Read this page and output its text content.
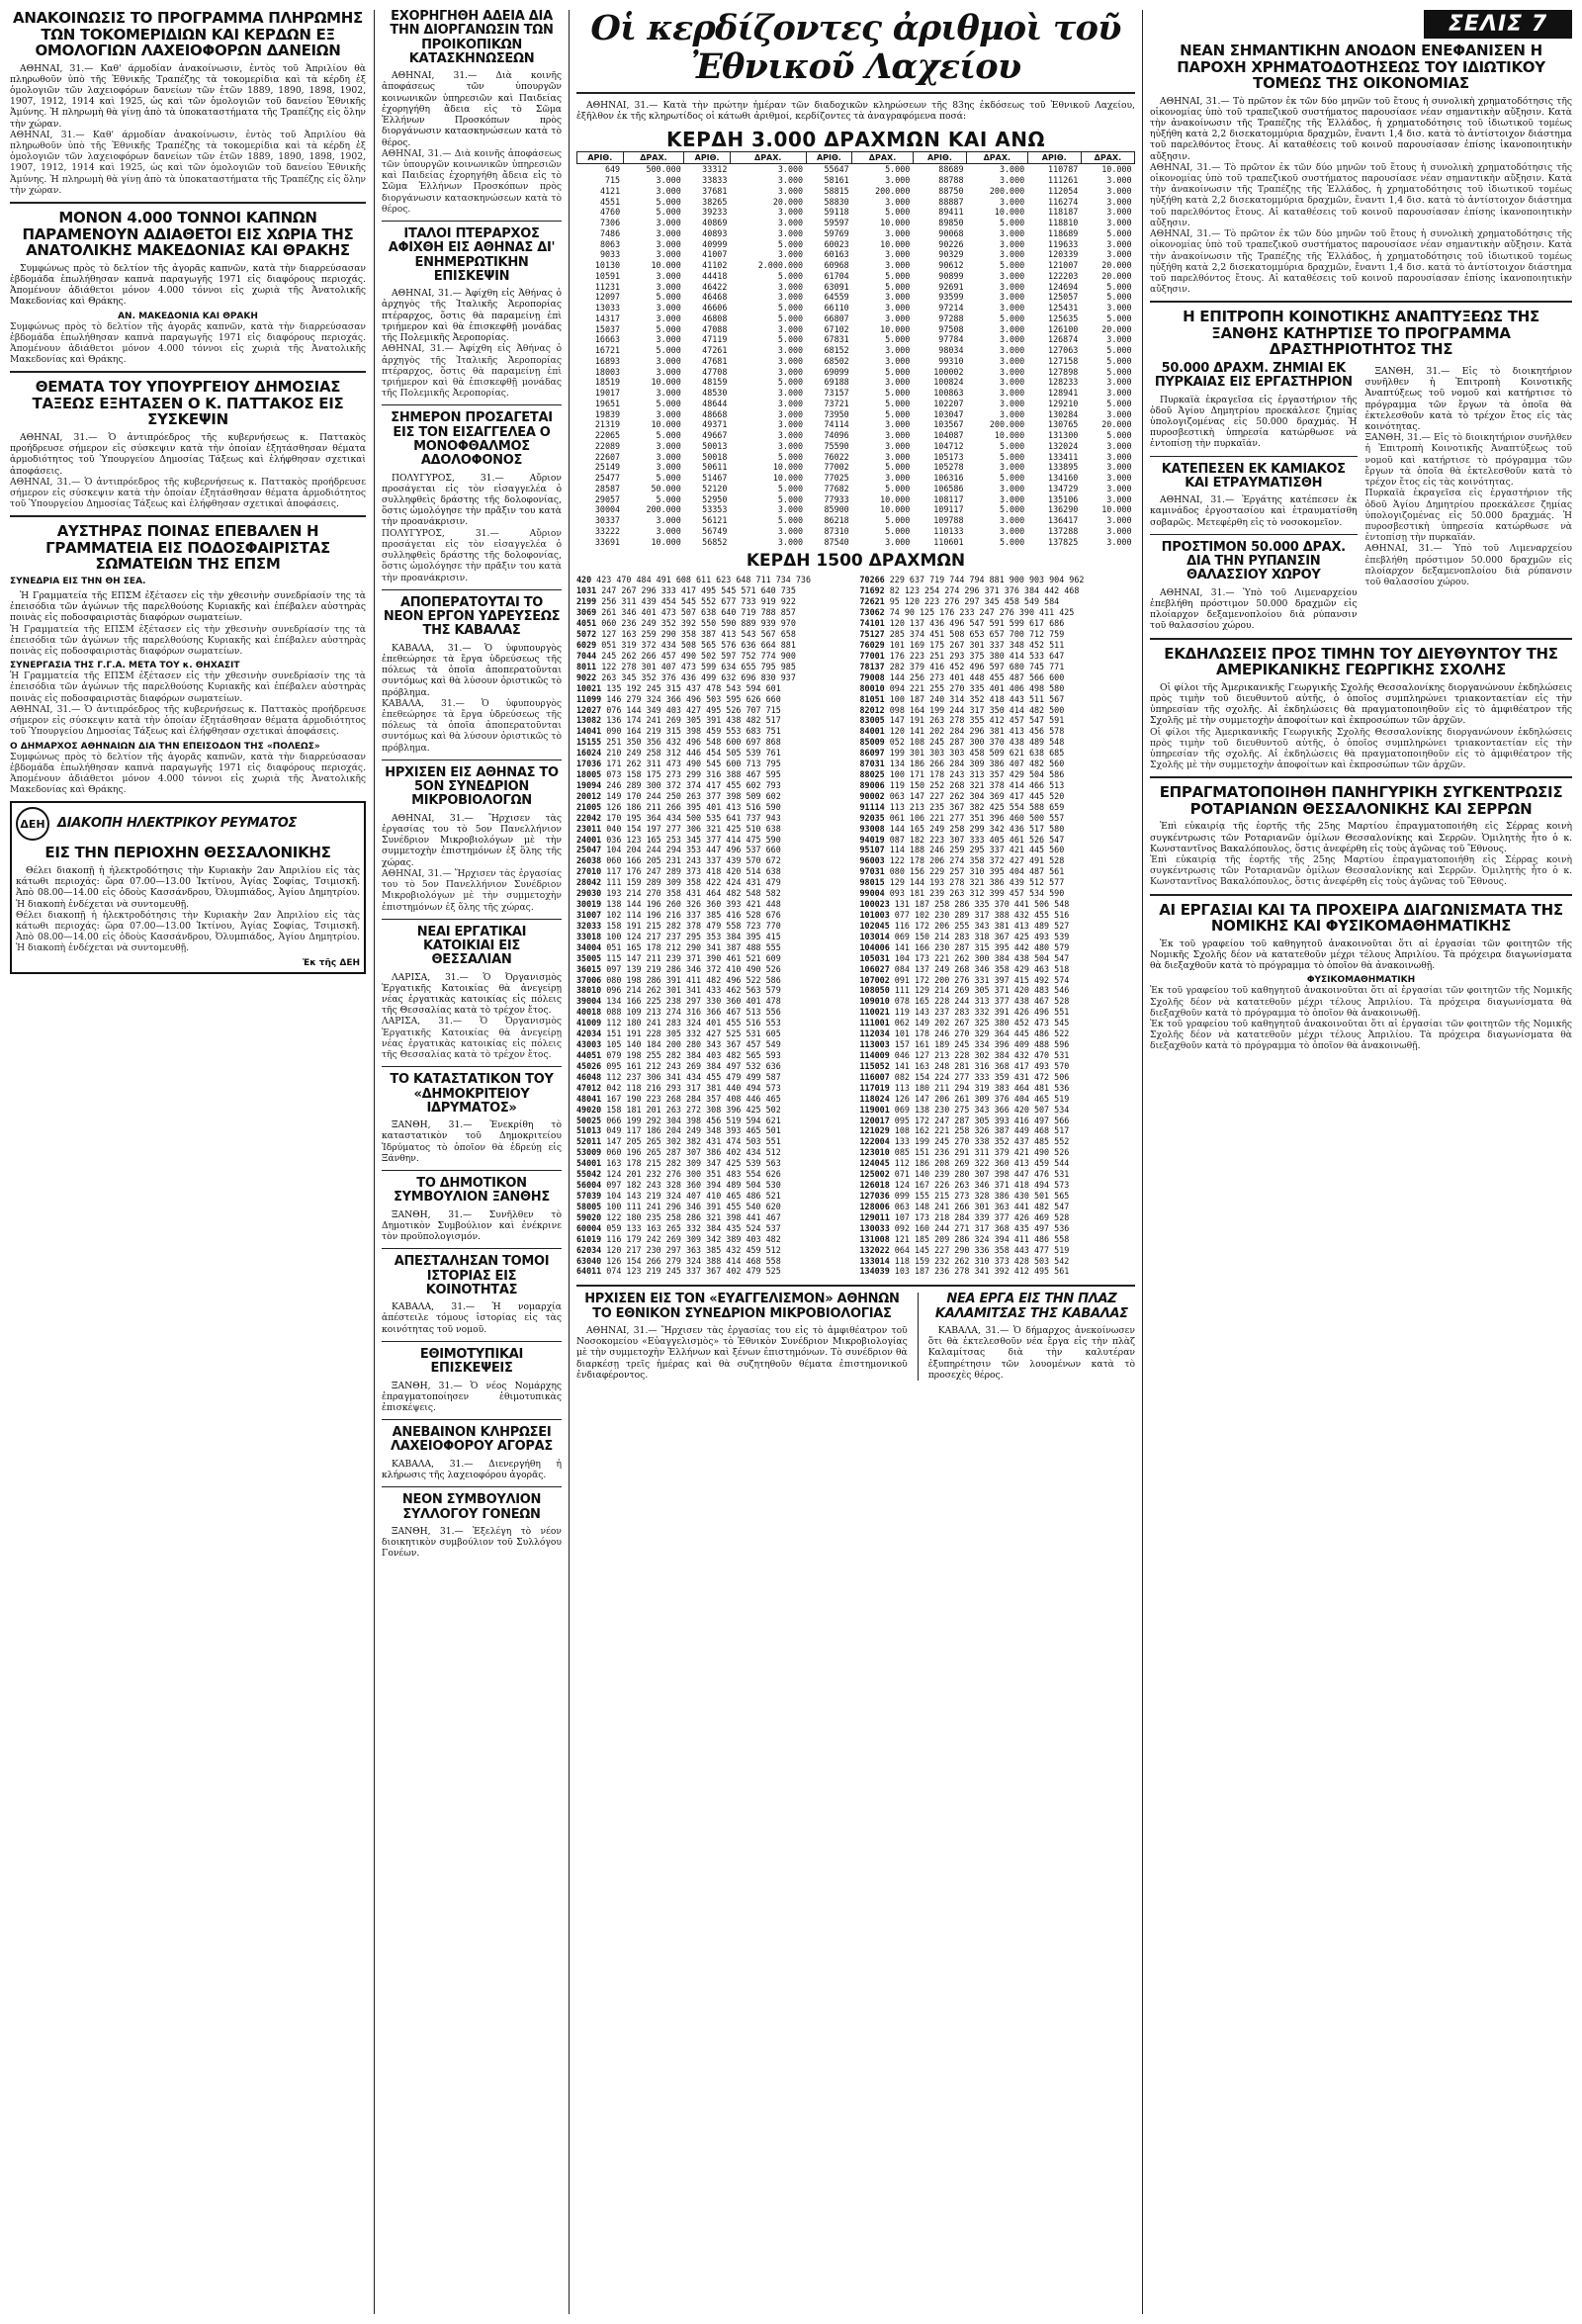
ΑΝΑΚΟΙΝΩΣΙΣ ΤΟ ΠΡΟΓΡΑΜΜΑ ΠΛΗΡΩΜΗΣ ΤΩΝ ΤΟΚΟΜΕΡΙΔΙΩΝ ΚΑΙ ΚΕΡΔΩΝ ΕΞ ΟΜΟΛΟΓΙΩΝ ΛΑΧΕΙΟΦΟΡΩΝ ΔΑΝΕΙΩΝ

ΑΘΗΝΑΙ, 31.— Καθ' άρμοδίαν ἀνακοίνωσιν, ἐντὸς τοῦ Ἀπριλίου θὰ πληρωθοῦν ὑπὸ τῆς Ἐθνικῆς Τραπέζης τὰ τοκομερίδια καὶ τὰ κέρδη ἐξ ὁμολογιῶν τῶν λαχειοφόρων δανείων τῶν ἐτῶν 1889, 1890, 1898, 1902, 1907, 1912, 1914 καὶ 1925, ὡς καὶ τῶν ὁμολογιῶν τοῦ δανείου Ἐθνικῆς Ἀμύνης. Ἡ πληρωμὴ θὰ γίνῃ ἀπὸ τὰ ὑποκαταστήματα τῆς Τραπέζης εἰς ὅλην τὴν χώραν.

ΑΘΗΝΑΙ, 31.— Καθ' άρμοδίαν ἀνακοίνωσιν, ἐντὸς τοῦ Ἀπριλίου θὰ πληρωθοῦν ὑπὸ τῆς Ἐθνικῆς Τραπέζης τὰ τοκομερίδια καὶ τὰ κέρδη ἐξ ὁμολογιῶν τῶν λαχειοφόρων δανείων τῶν ἐτῶν 1889, 1890, 1898, 1902, 1907, 1912, 1914 καὶ 1925, ὡς καὶ τῶν ὁμολογιῶν τοῦ δανείου Ἐθνικῆς Ἀμύνης. Ἡ πληρωμὴ θὰ γίνῃ ἀπὸ τὰ ὑποκαταστήματα τῆς Τραπέζης εἰς ὅλην τὴν χώραν.
ΜΟΝΟΝ 4.000 ΤΟΝΝΟΙ ΚΑΠΝΩΝ ΠΑΡΑΜΕΝΟΥΝ ΑΔΙΑΘΕΤΟΙ ΕΙΣ ΧΩΡΙΑ ΤΗΣ ΑΝΑΤΟΛΙΚΗΣ ΜΑΚΕΔΟΝΙΑΣ ΚΑΙ ΘΡΑΚΗΣ

Συμφώνως πρὸς τὸ δελτίον τῆς ἀγορᾶς καπνῶν, κατὰ τὴν διαρρεύσασαν ἑβδομάδα ἐπωλήθησαν καπνὰ παραγωγῆς 1971 εἰς διαφόρους περιοχάς. Ἀπομένουν ἀδιάθετοι μόνον 4.000 τόννοι εἰς χωριὰ τῆς Ἀνατολικῆς Μακεδονίας καὶ Θράκης.

ΑΝ. ΜΑΚΕΔΟΝΙΑ ΚΑΙ ΘΡΑΚΗ
Συμφώνως πρὸς τὸ δελτίον τῆς ἀγορᾶς καπνῶν, κατὰ τὴν διαρρεύσασαν ἑβδομάδα ἐπωλήθησαν καπνὰ παραγωγῆς 1971 εἰς διαφόρους περιοχάς. Ἀπομένουν ἀδιάθετοι μόνον 4.000 τόννοι εἰς χωριὰ τῆς Ἀνατολικῆς Μακεδονίας καὶ Θράκης.
ΘΕΜΑΤΑ ΤΟΥ ΥΠΟΥΡΓΕΙΟΥ ΔΗΜΟΣΙΑΣ ΤΑΞΕΩΣ ΕΞΗΤΑΣΕΝ Ο Κ. ΠΑΤΤΑΚΟΣ ΕΙΣ ΣΥΣΚΕΨΙΝ

ΑΘΗΝΑΙ, 31.— Ὁ ἀντιπρόεδρος τῆς κυβερνήσεως κ. Παττακὸς προήδρευσε σήμερον εἰς σύσκεψιν κατὰ τὴν ὁποίαν ἐξητάσθησαν θέματα ἁρμοδιότητος τοῦ Ὑπουργείου Δημοσίας Τάξεως καὶ ἐλήφθησαν σχετικαὶ ἀποφάσεις.

ΑΘΗΝΑΙ, 31.— Ὁ ἀντιπρόεδρος τῆς κυβερνήσεως κ. Παττακὸς προήδρευσε σήμερον εἰς σύσκεψιν κατὰ τὴν ὁποίαν ἐξητάσθησαν θέματα ἁρμοδιότητος τοῦ Ὑπουργείου Δημοσίας Τάξεως καὶ ἐλήφθησαν σχετικαὶ ἀποφάσεις.
ΑΥΣΤΗΡΑΣ ΠΟΙΝΑΣ ΕΠΕΒΑΛΕΝ Η ΓΡΑΜΜΑΤΕΙΑ ΕΙΣ ΠΟΔΟΣΦΑΙΡΙΣΤΑΣ ΣΩΜΑΤΕΙΩΝ ΤΗΣ ΕΠΣΜ
ΣΥΝΕΔΡΙΑ ΕΙΣ ΤΗΝ ΘΗ ΣΕΑ.

Ἡ Γραμματεία τῆς ΕΠΣΜ ἐξέτασεν εἰς τὴν χθεσινὴν συνεδρίασίν της τὰ ἐπεισόδια τῶν ἀγώνων τῆς παρελθούσης Κυριακῆς καὶ ἐπέβαλεν αὐστηρὰς ποινὰς εἰς ποδοσφαιριστὰς διαφόρων σωματείων.

Ἡ Γραμματεία τῆς ΕΠΣΜ ἐξέτασεν εἰς τὴν χθεσινὴν συνεδρίασίν της τὰ ἐπεισόδια τῶν ἀγώνων τῆς παρελθούσης Κυριακῆς καὶ ἐπέβαλεν αὐστηρὰς ποινὰς εἰς ποδοσφαιριστὰς διαφόρων σωματείων.
ΣΥΝΕΡΓΑΣΙΑ ΤΗΣ Γ.Γ.Α. ΜΕΤΑ ΤΟΥ κ. ΘΗΧΑΣΙΤ
Ἡ Γραμματεία τῆς ΕΠΣΜ ἐξέτασεν εἰς τὴν χθεσινὴν συνεδρίασίν της τὰ ἐπεισόδια τῶν ἀγώνων τῆς παρελθούσης Κυριακῆς καὶ ἐπέβαλεν αὐστηρὰς ποινὰς εἰς ποδοσφαιριστὰς διαφόρων σωματείων.
ΑΘΗΝΑΙ, 31.— Ὁ ἀντιπρόεδρος τῆς κυβερνήσεως κ. Παττακὸς προήδρευσε σήμερον εἰς σύσκεψιν κατὰ τὴν ὁποίαν ἐξητάσθησαν θέματα ἁρμοδιότητος τοῦ Ὑπουργείου Δημοσίας Τάξεως καὶ ἐλήφθησαν σχετικαὶ ἀποφάσεις.
Ο ΔΗΜΑΡΧΟΣ ΑΘΗΝΑΙΩΝ ΔΙΑ ΤΗΝ ΕΠΕΙΣΟΔΟΝ ΤΗΣ «ΠΟΛΕΩΣ»
Συμφώνως πρὸς τὸ δελτίον τῆς ἀγορᾶς καπνῶν, κατὰ τὴν διαρρεύσασαν ἑβδομάδα ἐπωλήθησαν καπνὰ παραγωγῆς 1971 εἰς διαφόρους περιοχάς. Ἀπομένουν ἀδιάθετοι μόνον 4.000 τόννοι εἰς χωριὰ τῆς Ἀνατολικῆς Μακεδονίας καὶ Θράκης.
ΔΕΗ ΔΙΑΚΟΠΗ ΗΛΕΚΤΡΙΚΟΥ ΡΕΥΜΑΤΟΣ
ΕΙΣ ΤΗΝ ΠΕΡΙΟΧΗΝ ΘΕΣΣΑΛΟΝΙΚΗΣ

Θέλει διακοπῇ ἡ ἠλεκτροδότησις τὴν Κυριακὴν 2αν Ἀπριλίου εἰς τὰς κάτωθι περιοχάς: ὥρα 07.00—13.00 Ἰκτίνου, Ἀγίας Σοφίας, Τσιμισκῆ. Ἀπὸ 08.00—14.00 εἰς ὁδοὺς Κασσάνδρου, Ὀλυμπιάδος, Ἀγίου Δημητρίου. Ἡ διακοπὴ ἐνδέχεται νὰ συντομευθῇ.

Θέλει διακοπῇ ἡ ἠλεκτροδότησις τὴν Κυριακὴν 2αν Ἀπριλίου εἰς τὰς κάτωθι περιοχάς: ὥρα 07.00—13.00 Ἰκτίνου, Ἀγίας Σοφίας, Τσιμισκῆ. Ἀπὸ 08.00—14.00 εἰς ὁδοὺς Κασσάνδρου, Ὀλυμπιάδος, Ἀγίου Δημητρίου. Ἡ διακοπὴ ἐνδέχεται νὰ συντομευθῇ.
Ἐκ τῆς ΔΕΗ
ΕΧΟΡΗΓΗΘΗ ΑΔΕΙΑ ΔΙΑ ΤΗΝ ΔΙΟΡΓΑΝΩΣΙΝ ΤΩΝ ΠΡΟΙΚΟΠΙΚΩΝ ΚΑΤΑΣΚΗΝΩΣΕΩΝ

ΑΘΗΝΑΙ, 31.— Διὰ κοινῆς ἀποφάσεως τῶν ὑπουργῶν κοινωνικῶν ὑπηρεσιῶν καὶ Παιδείας ἐχορηγήθη ἄδεια εἰς τὸ Σῶμα Ἑλλήνων Προσκόπων πρὸς διοργάνωσιν κατασκηνώσεων κατὰ τὸ θέρος.

ΑΘΗΝΑΙ, 31.— Διὰ κοινῆς ἀποφάσεως τῶν ὑπουργῶν κοινωνικῶν ὑπηρεσιῶν καὶ Παιδείας ἐχορηγήθη ἄδεια εἰς τὸ Σῶμα Ἑλλήνων Προσκόπων πρὸς διοργάνωσιν κατασκηνώσεων κατὰ τὸ θέρος.
ΙΤΑΛΟΙ ΠΤΕΡΑΡΧΟΣ ΑΦΙΧΘΗ ΕΙΣ ΑΘΗΝΑΣ ΔΙ' ΕΝΗΜΕΡΩΤΙΚΗΝ ΕΠΙΣΚΕΨΙΝ

ΑΘΗΝΑΙ, 31.— Ἀφίχθη εἰς Ἀθήνας ὁ ἀρχηγὸς τῆς Ἰταλικῆς Ἀεροπορίας πτέραρχος, ὅστις θὰ παραμείνῃ ἐπὶ τριήμερον καὶ θὰ ἐπισκεφθῇ μονάδας τῆς Πολεμικῆς Ἀεροπορίας.

ΑΘΗΝΑΙ, 31.— Ἀφίχθη εἰς Ἀθήνας ὁ ἀρχηγὸς τῆς Ἰταλικῆς Ἀεροπορίας πτέραρχος, ὅστις θὰ παραμείνῃ ἐπὶ τριήμερον καὶ θὰ ἐπισκεφθῇ μονάδας τῆς Πολεμικῆς Ἀεροπορίας.
ΣΗΜΕΡΟΝ ΠΡΟΣΑΓΕΤΑΙ ΕΙΣ ΤΟΝ ΕΙΣΑΓΓΕΛΕΑ Ο ΜΟΝΟΦΘΑΛΜΟΣ ΑΔΟΛΟΦΟΝΟΣ

ΠΟΛΥΓΥΡΟΣ, 31.— Αὔριον προσάγεται εἰς τὸν εἰσαγγελέα ὁ συλληφθεὶς δράστης τῆς δολοφονίας, ὅστις ὡμολόγησε τὴν πρᾶξιν του κατὰ τὴν προανάκρισιν.

ΠΟΛΥΓΥΡΟΣ, 31.— Αὔριον προσάγεται εἰς τὸν εἰσαγγελέα ὁ συλληφθεὶς δράστης τῆς δολοφονίας, ὅστις ὡμολόγησε τὴν πρᾶξιν του κατὰ τὴν προανάκρισιν.
ΑΠΟΠΕΡΑΤΟΥΤΑΙ ΤΟ ΝΕΟΝ ΕΡΓΟΝ ΥΔΡΕΥΣΕΩΣ ΤΗΣ ΚΑΒΑΛΑΣ

ΚΑΒΑΛΑ, 31.— Ὁ ὑφυπουργὸς ἐπεθεώρησε τὰ ἔργα ὑδρεύσεως τῆς πόλεως τὰ ὁποῖα ἀποπερατοῦνται συντόμως καὶ θὰ λύσουν ὁριστικῶς τὸ πρόβλημα.

ΚΑΒΑΛΑ, 31.— Ὁ ὑφυπουργὸς ἐπεθεώρησε τὰ ἔργα ὑδρεύσεως τῆς πόλεως τὰ ὁποῖα ἀποπερατοῦνται συντόμως καὶ θὰ λύσουν ὁριστικῶς τὸ πρόβλημα.
ΗΡΧΙΣΕΝ ΕΙΣ ΑΘΗΝΑΣ ΤΟ 5ΟΝ ΣΥΝΕΔΡΙΟΝ ΜΙΚΡΟΒΙΟΛΟΓΩΝ

ΑΘΗΝΑΙ, 31.— Ἤρχισεν τὰς ἐργασίας του τὸ 5ον Πανελλήνιον Συνέδριον Μικροβιολόγων μὲ τὴν συμμετοχὴν ἐπιστημόνων ἐξ ὅλης τῆς χώρας.

ΑΘΗΝΑΙ, 31.— Ἤρχισεν τὰς ἐργασίας του τὸ 5ον Πανελλήνιον Συνέδριον Μικροβιολόγων μὲ τὴν συμμετοχὴν ἐπιστημόνων ἐξ ὅλης τῆς χώρας.
ΝΕΑΙ ΕΡΓΑΤΙΚΑΙ ΚΑΤΟΙΚΙΑΙ ΕΙΣ ΘΕΣΣΑΛΙΑΝ

ΛΑΡΙΣΑ, 31.— Ὁ Ὀργανισμὸς Ἐργατικῆς Κατοικίας θὰ ἀνεγείρῃ νέας ἐργατικὰς κατοικίας εἰς πόλεις τῆς Θεσσαλίας κατὰ τὸ τρέχον ἔτος.

ΛΑΡΙΣΑ, 31.— Ὁ Ὀργανισμὸς Ἐργατικῆς Κατοικίας θὰ ἀνεγείρῃ νέας ἐργατικὰς κατοικίας εἰς πόλεις τῆς Θεσσαλίας κατὰ τὸ τρέχον ἔτος.
ΤΟ ΚΑΤΑΣΤΑΤΙΚΟΝ ΤΟΥ «ΔΗΜΟΚΡΙΤΕΙΟΥ ΙΔΡΥΜΑΤΟΣ»

ΞΑΝΘΗ, 31.— Ἐνεκρίθη τὸ καταστατικὸν τοῦ Δημοκριτείου Ἱδρύματος τὸ ὁποῖον θὰ ἐδρεύῃ εἰς Ξάνθην.

ΤΟ ΔΗΜΟΤΙΚΟΝ ΣΥΜΒΟΥΛΙΟΝ ΞΑΝΘΗΣ

ΞΑΝΘΗ, 31.— Συνῆλθεν τὸ Δημοτικὸν Συμβούλιον καὶ ἐνέκρινε τὸν προϋπολογισμόν.

ΑΠΕΣΤΑΛΗΣΑΝ ΤΟΜΟΙ ΙΣΤΟΡΙΑΣ ΕΙΣ ΚΟΙΝΟΤΗΤΑΣ

ΚΑΒΑΛΑ, 31.— Ἡ νομαρχία ἀπέστειλε τόμους ἱστορίας εἰς τὰς κοινότητας τοῦ νομοῦ.

ΕΘΙΜΟΤΥΠΙΚΑΙ ΕΠΙΣΚΕΨΕΙΣ

ΞΑΝΘΗ, 31.— Ὁ νέος Νομάρχης ἐπραγματοποίησεν ἐθιμοτυπικὰς ἐπισκέψεις.

ΑΝΕΒΑΙΝΟΝ ΚΛΗΡΩΣΕΙ ΛΑΧΕΙΟΦΟΡΟΥ ΑΓΟΡΑΣ

ΚΑΒΑΛΑ, 31.— Διενεργήθη ἡ κλήρωσις τῆς λαχειοφόρου ἀγορᾶς.

ΝΕΟΝ ΣΥΜΒΟΥΛΙΟΝ ΣΥΛΛΟΓΟΥ ΓΟΝΕΩΝ

ΞΑΝΘΗ, 31.— Ἐξελέγη τὸ νέον διοικητικὸν συμβούλιον τοῦ Συλλόγου Γονέων.

Οἱ κερδίζοντες ἀριθμοὶ τοῦ Ἐθνικοῦ Λαχείου

ΑΘΗΝΑΙ, 31.— Κατὰ τὴν πρώτην ἡμέραν τῶν διαδοχικῶν κληρώσεων τῆς 83ης ἐκδόσεως τοῦ Ἐθνικοῦ Λαχείου, ἐξῆλθον ἐκ τῆς κληρωτίδος οἱ κάτωθι ἀριθμοί, κερδίζοντες τὰ ἀναγραφόμενα ποσά:

ΚΕΡΔΗ 3.000 ΔΡΑΧΜΩΝ ΚΑΙ ΑΝΩ
ΑΡΙΘ.	ΔΡΑΧ.	ΑΡΙΘ.	ΔΡΑΧ.	ΑΡΙΘ.	ΔΡΑΧ.	ΑΡΙΘ.	ΔΡΑΧ.	ΑΡΙΘ.	ΔΡΑΧ.
649	500.000	33312	3.000	55647	5.000	88689	3.000	110787	10.000
715	3.000	33833	3.000	58161	3.000	88788	3.000	111261	3.000
4121	3.000	37681	3.000	58815	200.000	88750	200.000	112054	3.000
4551	5.000	38265	20.000	58830	3.000	88887	3.000	116274	3.000
4760	5.000	39233	3.000	59118	5.000	89411	10.000	118187	3.000
7306	3.000	40869	3.000	59597	10.000	89850	5.000	118810	3.000
7486	3.000	40893	3.000	59769	3.000	90068	3.000	118689	5.000
8063	3.000	40999	5.000	60023	10.000	90226	3.000	119633	3.000
9033	3.000	41007	3.000	60163	3.000	90329	3.000	120339	3.000
10130	10.000	41102	2.000.000	60968	3.000	90612	5.000	121007	20.000
10591	3.000	44418	5.000	61704	5.000	90899	3.000	122203	20.000
11231	3.000	46422	3.000	63091	5.000	92691	3.000	124694	5.000
12097	5.000	46468	3.000	64559	3.000	93599	3.000	125057	5.000
13033	3.000	46606	5.000	66110	3.000	97214	3.000	125431	3.000
14317	3.000	46808	5.000	66807	3.000	97288	5.000	125635	5.000
15037	5.000	47088	3.000	67102	10.000	97508	3.000	126100	20.000
16663	3.000	47119	5.000	67831	5.000	97784	3.000	126874	3.000
16721	5.000	47261	3.000	68152	3.000	98034	3.000	127063	5.000
16893	3.000	47681	3.000	68502	3.000	99310	3.000	127158	5.000
18003	3.000	47708	3.000	69099	5.000	100002	3.000	127898	5.000
18519	10.000	48159	5.000	69188	3.000	100824	3.000	128233	3.000
19017	3.000	48530	3.000	73157	5.000	100863	3.000	128941	3.000
19651	5.000	48644	3.000	73721	5.000	102207	3.000	129210	5.000
19839	3.000	48668	3.000	73950	5.000	103047	3.000	130284	3.000
21319	10.000	49371	3.000	74114	3.000	103567	200.000	130765	20.000
22065	5.000	49667	3.000	74096	3.000	104087	10.000	131300	5.000
22089	3.000	50013	3.000	75590	3.000	104712	5.000	132024	3.000
22607	3.000	50018	5.000	76022	3.000	105173	5.000	133411	3.000
25149	3.000	50611	10.000	77002	5.000	105278	3.000	133895	3.000
25477	5.000	51467	10.000	77025	3.000	106316	5.000	134160	3.000
28587	50.000	52120	5.000	77682	5.000	106586	3.000	134729	3.000
29057	5.000	52950	5.000	77933	10.000	108117	3.000	135106	3.000
30004	200.000	53353	3.000	85900	10.000	109117	5.000	136290	10.000
30337	3.000	56121	5.000	86218	5.000	109788	3.000	136417	3.000
33222	3.000	56749	3.000	87310	5.000	110133	3.000	137288	3.000
33691	10.000	56852	3.000	87540	3.000	110601	5.000	137825	3.000
ΚΕΡΔΗ 1500 ΔΡΑΧΜΩΝ
420 423 470 484 491 608 611 623 648 711 734 736
1031 247 267 296 333 417 495 545 571 640 735
2199 256 311 439 454 545 552 677 733 919 922
3069 261 346 401 473 507 638 640 719 788 857
4051 060 236 249 352 392 550 590 889 939 970
5072 127 163 259 290 358 387 413 543 567 658
6029 051 319 372 434 508 565 576 636 664 881
7044 245 262 266 457 490 502 597 752 774 900
8011 122 278 301 407 473 599 634 655 795 985
9022 263 345 352 376 436 499 632 696 830 937
10021 135 192 245 315 437 478 543 594 601
11099 146 279 324 366 496 503 595 626 660
12027 076 144 349 403 427 495 526 707 715
13082 136 174 241 269 305 391 438 482 517
14041 090 164 219 315 398 459 553 683 751
15155 251 350 356 432 496 548 600 697 868
16024 210 249 258 312 446 454 505 539 761
17036 171 262 311 473 490 545 600 713 795
18005 073 158 175 273 299 316 388 467 595
19094 246 289 300 372 374 417 455 602 793
20012 149 170 244 250 263 377 398 509 602
21005 126 186 211 266 395 401 413 516 590
22042 170 195 364 434 500 535 641 737 943
23011 040 154 197 277 306 321 425 510 638
24001 036 123 165 253 345 377 414 475 590
25047 104 204 244 294 353 447 496 537 660
26038 060 166 205 231 243 337 439 570 672
27010 117 176 247 289 373 418 420 514 638
28042 111 159 289 309 358 422 424 431 479
29030 193 214 270 358 431 464 482 548 582
30019 138 144 196 260 326 360 393 421 448
31007 102 114 196 216 337 385 416 528 676
32033 158 191 215 282 378 479 558 723 770
33018 100 124 217 237 295 353 384 395 415
34004 051 165 178 212 290 341 387 488 555
35005 115 147 211 239 371 390 461 521 609
36015 097 139 219 286 346 372 410 490 526
37006 080 198 286 391 411 482 496 522 586
38010 096 214 262 301 341 433 462 563 579
39004 134 166 225 238 297 330 360 401 478
40018 088 109 213 274 316 366 467 513 556
41009 112 180 241 283 324 401 455 516 553
42034 151 191 228 305 332 427 525 531 605
43003 105 140 184 200 280 343 367 457 549
44051 079 198 255 282 384 403 482 565 593
45026 095 161 212 243 269 384 497 532 636
46048 112 237 306 341 434 455 479 499 587
47012 042 118 216 293 317 381 440 494 573
48041 167 190 223 268 284 357 408 446 465
49020 158 181 201 263 272 308 396 425 502
50025 066 199 292 304 398 456 519 594 621
51013 049 117 186 204 249 348 393 465 501
52011 147 205 265 302 382 431 474 503 551
53009 060 196 265 287 307 386 402 434 512
54001 163 178 215 282 309 347 425 539 563
55042 124 201 232 276 300 351 483 554 626
56004 097 182 243 328 360 394 489 504 530
57039 104 143 219 324 407 410 465 486 521
58005 100 111 241 296 346 391 455 540 620
59020 122 180 235 258 286 321 398 441 467
60004 059 133 163 265 332 384 435 524 537
61019 116 179 242 269 309 342 389 403 482
62034 120 217 230 297 363 385 432 459 512
63040 126 154 266 279 324 388 414 468 558
64011 074 123 219 245 337 367 402 479 525
70266 229 637 719 744 794 881 900 903 904 962
71692 82 123 254 274 296 371 376 384 442 468
72621 95 120 223 276 297 345 458 549 584
73062 74 90 125 176 233 247 276 390 411 425
74101 120 137 436 496 547 591 599 617 686
75127 285 374 451 508 653 657 700 712 759
76029 101 169 175 267 301 337 348 452 511
77001 176 223 251 293 375 380 414 533 647
78137 282 379 416 452 496 597 680 745 771
79008 144 256 273 401 448 455 487 566 600
80010 094 221 255 270 335 401 406 498 580
81051 100 187 240 314 352 418 443 511 567
82012 098 164 199 244 317 350 414 482 500
83005 147 191 263 278 355 412 457 547 591
84001 120 141 202 284 296 381 413 456 578
85009 052 108 245 287 300 370 438 489 548
86097 199 301 303 303 458 509 621 638 685
87031 134 186 266 284 309 386 407 482 560
88025 100 171 178 243 313 357 429 504 586
89006 119 150 252 268 321 378 414 466 513
90002 063 147 227 262 304 369 417 445 520
91114 113 213 235 367 382 425 554 588 659
92035 061 106 221 277 351 396 460 500 557
93008 144 165 249 258 299 342 436 517 580
94019 087 182 223 307 333 405 461 526 547
95107 114 188 246 259 295 337 421 445 560
96003 122 178 206 274 358 372 427 491 528
97031 080 156 229 257 310 395 404 487 561
98015 129 144 193 278 321 386 439 512 577
99004 093 181 239 263 312 399 457 534 590
100023 131 187 258 286 335 370 441 506 548
101003 077 102 230 289 317 388 432 455 516
102045 116 172 206 255 343 381 413 489 527
103014 069 150 214 283 318 367 425 493 539
104006 141 166 230 287 315 395 442 480 579
105031 104 173 221 262 300 384 438 504 547
106027 084 137 249 268 346 358 429 463 518
107002 091 172 200 276 331 397 415 492 574
108050 111 129 214 269 305 371 420 483 546
109010 078 165 228 244 313 377 438 467 528
110021 119 143 237 283 332 391 426 496 551
111001 062 149 202 267 325 380 452 473 545
112034 101 178 246 270 329 364 445 486 522
113003 157 161 189 245 334 396 409 488 596
114009 046 127 213 228 302 384 432 470 531
115052 141 163 248 281 316 368 417 493 570
116007 082 154 224 277 333 359 431 472 506
117019 113 180 211 294 319 383 464 481 536
118024 126 147 206 261 309 376 404 465 519
119001 069 138 230 275 343 366 420 507 534
120017 095 172 247 287 305 393 416 497 566
121029 108 162 221 258 326 387 449 468 517
122004 133 199 245 270 338 352 437 485 552
123010 085 151 236 291 311 379 421 490 526
124045 112 186 208 269 322 360 413 459 544
125002 071 140 239 280 307 398 447 476 531
126018 124 167 226 263 346 371 418 494 573
127036 099 155 215 273 328 386 430 501 565
128006 063 148 241 266 301 363 441 482 547
129011 107 173 218 284 339 377 426 469 528
130033 092 160 244 271 317 368 435 497 536
131008 121 185 209 286 324 394 411 486 558
132022 064 145 227 290 336 358 443 477 519
133014 118 159 232 262 310 373 428 503 542
134039 103 187 236 278 341 392 412 495 561
ΗΡΧΙΣΕΝ ΕΙΣ ΤΟΝ «ΕΥΑΓΓΕΛΙΣΜΟΝ» ΑΘΗΝΩΝ ΤΟ ΕΘΝΙΚΟΝ ΣΥΝΕΔΡΙΟΝ ΜΙΚΡΟΒΙΟΛΟΓΙΑΣ

ΑΘΗΝΑΙ, 31.— Ἤρχισεν τὰς ἐργασίας του εἰς τὸ ἀμφιθέατρον τοῦ Νοσοκομείου «Εὐαγγελισμὸς» τὸ Ἐθνικὸν Συνέδριον Μικροβιολογίας μὲ τὴν συμμετοχὴν Ἑλλήνων καὶ ξένων ἐπιστημόνων. Τὸ συνέδριον θὰ διαρκέσῃ τρεῖς ἡμέρας καὶ θὰ συζητηθοῦν θέματα ἐπιστημονικοῦ ἐνδιαφέροντος.

ΝΕΑ ΕΡΓΑ ΕΙΣ ΤΗΝ ΠΛΑΖ ΚΑΛΑΜΙΤΣΑΣ ΤΗΣ ΚΑΒΑΛΑΣ

ΚΑΒΑΛΑ, 31.— Ὁ δήμαρχος ἀνεκοίνωσεν ὅτι θὰ ἐκτελεσθοῦν νέα ἔργα εἰς τὴν πλὰζ Καλαμίτσας διὰ τὴν καλυτέραν ἐξυπηρέτησιν τῶν λουομένων κατὰ τὸ προσεχὲς θέρος.

ΣΕΛΙΣ 7
ΝΕΑΝ ΣΗΜΑΝΤΙΚΗΝ ΑΝΟΔΟΝ ΕΝΕΦΑΝΙΣΕΝ Η ΠΑΡΟΧΗ ΧΡΗΜΑΤΟΔΟΤΗΣΕΩΣ ΤΟΥ ΙΔΙΩΤΙΚΟΥ ΤΟΜΕΩΣ ΤΗΣ ΟΙΚΟΝΟΜΙΑΣ

ΑΘΗΝΑΙ, 31.— Τὸ πρῶτον ἐκ τῶν δύο μηνῶν τοῦ ἔτους ἡ συνολικὴ χρηματοδότησις τῆς οἰκονομίας ὑπὸ τοῦ τραπεζικοῦ συστήματος παρουσίασε νέαν σημαντικὴν αὔξησιν. Κατὰ τὴν ἀνακοίνωσιν τῆς Τραπέζης τῆς Ἑλλάδος, ἡ χρηματοδότησις τοῦ ἰδιωτικοῦ τομέως ηὐξήθη κατὰ 2,2 δισεκατομμύρια δραχμῶν, ἔναντι 1,4 δισ. κατὰ τὸ ἀντίστοιχον διάστημα τοῦ παρελθόντος ἔτους. Αἱ καταθέσεις τοῦ κοινοῦ παρουσίασαν ἐπίσης ἱκανοποιητικὴν αὔξησιν.

ΑΘΗΝΑΙ, 31.— Τὸ πρῶτον ἐκ τῶν δύο μηνῶν τοῦ ἔτους ἡ συνολικὴ χρηματοδότησις τῆς οἰκονομίας ὑπὸ τοῦ τραπεζικοῦ συστήματος παρουσίασε νέαν σημαντικὴν αὔξησιν. Κατὰ τὴν ἀνακοίνωσιν τῆς Τραπέζης τῆς Ἑλλάδος, ἡ χρηματοδότησις τοῦ ἰδιωτικοῦ τομέως ηὐξήθη κατὰ 2,2 δισεκατομμύρια δραχμῶν, ἔναντι 1,4 δισ. κατὰ τὸ ἀντίστοιχον διάστημα τοῦ παρελθόντος ἔτους. Αἱ καταθέσεις τοῦ κοινοῦ παρουσίασαν ἐπίσης ἱκανοποιητικὴν αὔξησιν.
ΑΘΗΝΑΙ, 31.— Τὸ πρῶτον ἐκ τῶν δύο μηνῶν τοῦ ἔτους ἡ συνολικὴ χρηματοδότησις τῆς οἰκονομίας ὑπὸ τοῦ τραπεζικοῦ συστήματος παρουσίασε νέαν σημαντικὴν αὔξησιν. Κατὰ τὴν ἀνακοίνωσιν τῆς Τραπέζης τῆς Ἑλλάδος, ἡ χρηματοδότησις τοῦ ἰδιωτικοῦ τομέως ηὐξήθη κατὰ 2,2 δισεκατομμύρια δραχμῶν, ἔναντι 1,4 δισ. κατὰ τὸ ἀντίστοιχον διάστημα τοῦ παρελθόντος ἔτους. Αἱ καταθέσεις τοῦ κοινοῦ παρουσίασαν ἐπίσης ἱκανοποιητικὴν αὔξησιν.
Η ΕΠΙΤΡΟΠΗ ΚΟΙΝΟΤΙΚΗΣ ΑΝΑΠΤΥΞΕΩΣ ΤΗΣ ΞΑΝΘΗΣ ΚΑΤΗΡΤΙΣΕ ΤΟ ΠΡΟΓΡΑΜΜΑ ΔΡΑΣΤΗΡΙΟΤΗΤΟΣ ΤΗΣ
50.000 ΔΡΑΧΜ. ΖΗΜΙΑΙ ΕΚ ΠΥΡΚΑΙΑΣ ΕΙΣ ΕΡΓΑΣΤΗΡΙΟΝ

Πυρκαϊὰ ἐκραγεῖσα εἰς ἐργαστήριον τῆς ὁδοῦ Ἀγίου Δημητρίου προεκάλεσε ζημίας ὑπολογιζομένας εἰς 50.000 δραχμάς. Ἡ πυροσβεστικὴ ὑπηρεσία κατώρθωσε νὰ ἐντοπίσῃ τὴν πυρκαϊάν.

ΚΑΤΕΠΕΣΕΝ ΕΚ ΚΑΜΙΑΚΟΣ ΚΑΙ ΕΤΡΑΥΜΑΤΙΣΘΗ

ΑΘΗΝΑΙ, 31.— Ἐργάτης κατέπεσεν ἐκ καμινάδος ἐργοστασίου καὶ ἐτραυματίσθη σοβαρῶς. Μετεφέρθη εἰς τὸ νοσοκομεῖον.

ΠΡΟΣΤΙΜΟΝ 50.000 ΔΡΑΧ. ΔΙΑ ΤΗΝ ΡΥΠΑΝΣΙΝ ΘΑΛΑΣΣΙΟΥ ΧΩΡΟΥ

ΑΘΗΝΑΙ, 31.— Ὑπὸ τοῦ Λιμεναρχείου ἐπεβλήθη πρόστιμον 50.000 δραχμῶν εἰς πλοίαρχον δεξαμενοπλοίου διὰ ρύπανσιν τοῦ θαλασσίου χώρου.

ΞΑΝΘΗ, 31.— Εἰς τὸ διοικητήριον συνῆλθεν ἡ Ἐπιτροπὴ Κοινοτικῆς Ἀναπτύξεως τοῦ νομοῦ καὶ κατήρτισε τὸ πρόγραμμα τῶν ἔργων τὰ ὁποῖα θὰ ἐκτελεσθοῦν κατὰ τὸ τρέχον ἔτος εἰς τὰς κοινότητας.

ΞΑΝΘΗ, 31.— Εἰς τὸ διοικητήριον συνῆλθεν ἡ Ἐπιτροπὴ Κοινοτικῆς Ἀναπτύξεως τοῦ νομοῦ καὶ κατήρτισε τὸ πρόγραμμα τῶν ἔργων τὰ ὁποῖα θὰ ἐκτελεσθοῦν κατὰ τὸ τρέχον ἔτος εἰς τὰς κοινότητας.
Πυρκαϊὰ ἐκραγεῖσα εἰς ἐργαστήριον τῆς ὁδοῦ Ἀγίου Δημητρίου προεκάλεσε ζημίας ὑπολογιζομένας εἰς 50.000 δραχμάς. Ἡ πυροσβεστικὴ ὑπηρεσία κατώρθωσε νὰ ἐντοπίσῃ τὴν πυρκαϊάν.
ΑΘΗΝΑΙ, 31.— Ὑπὸ τοῦ Λιμεναρχείου ἐπεβλήθη πρόστιμον 50.000 δραχμῶν εἰς πλοίαρχον δεξαμενοπλοίου διὰ ρύπανσιν τοῦ θαλασσίου χώρου.
ΕΚΔΗΛΩΣΕΙΣ ΠΡΟΣ ΤΙΜΗΝ ΤΟΥ ΔΙΕΥΘΥΝΤΟΥ ΤΗΣ ΑΜΕΡΙΚΑΝΙΚΗΣ ΓΕΩΡΓΙΚΗΣ ΣΧΟΛΗΣ

Οἱ φίλοι τῆς Ἀμερικανικῆς Γεωργικῆς Σχολῆς Θεσσαλονίκης διοργανώνουν ἐκδηλώσεις πρὸς τιμὴν τοῦ διευθυντοῦ αὐτῆς, ὁ ὁποῖος συμπληρώνει τριακονταετίαν εἰς τὴν ὑπηρεσίαν τῆς σχολῆς. Αἱ ἐκδηλώσεις θὰ πραγματοποιηθοῦν εἰς τὸ ἀμφιθέατρον τῆς Σχολῆς μὲ τὴν συμμετοχὴν ἀποφοίτων καὶ ἐκπροσώπων τῶν ἀρχῶν.

Οἱ φίλοι τῆς Ἀμερικανικῆς Γεωργικῆς Σχολῆς Θεσσαλονίκης διοργανώνουν ἐκδηλώσεις πρὸς τιμὴν τοῦ διευθυντοῦ αὐτῆς, ὁ ὁποῖος συμπληρώνει τριακονταετίαν εἰς τὴν ὑπηρεσίαν τῆς σχολῆς. Αἱ ἐκδηλώσεις θὰ πραγματοποιηθοῦν εἰς τὸ ἀμφιθέατρον τῆς Σχολῆς μὲ τὴν συμμετοχὴν ἀποφοίτων καὶ ἐκπροσώπων τῶν ἀρχῶν.
ΕΠΡΑΓΜΑΤΟΠΟΙΗΘΗ ΠΑΝΗΓΥΡΙΚΗ ΣΥΓΚΕΝΤΡΩΣΙΣ ΡΟΤΑΡΙΑΝΩΝ ΘΕΣΣΑΛΟΝΙΚΗΣ ΚΑΙ ΣΕΡΡΩΝ

Ἐπὶ εὐκαιρίᾳ τῆς ἐορτῆς τῆς 25ης Μαρτίου ἐπραγματοποιήθη εἰς Σέρρας κοινὴ συγκέντρωσις τῶν Ροταριανῶν ὁμίλων Θεσσαλονίκης καὶ Σερρῶν. Ὁμιλητὴς ἦτο ὁ κ. Κωνσταντῖνος Βακαλόπουλος, ὅστις ἀνεφέρθη εἰς τοὺς ἀγῶνας τοῦ Ἔθνους.

Ἐπὶ εὐκαιρίᾳ τῆς ἐορτῆς τῆς 25ης Μαρτίου ἐπραγματοποιήθη εἰς Σέρρας κοινὴ συγκέντρωσις τῶν Ροταριανῶν ὁμίλων Θεσσαλονίκης καὶ Σερρῶν. Ὁμιλητὴς ἦτο ὁ κ. Κωνσταντῖνος Βακαλόπουλος, ὅστις ἀνεφέρθη εἰς τοὺς ἀγῶνας τοῦ Ἔθνους.
ΑΙ ΕΡΓΑΣΙΑΙ ΚΑΙ ΤΑ ΠΡΟΧΕΙΡΑ ΔΙΑΓΩΝΙΣΜΑΤΑ ΤΗΣ ΝΟΜΙΚΗΣ ΚΑΙ ΦΥΣΙΚΟΜΑΘΗΜΑΤΙΚΗΣ

Ἐκ τοῦ γραφείου τοῦ καθηγητοῦ ἀνακοινοῦται ὅτι αἱ ἐργασίαι τῶν φοιτητῶν τῆς Νομικῆς Σχολῆς δέον νὰ κατατεθοῦν μέχρι τέλους Ἀπριλίου. Τὰ πρόχειρα διαγωνίσματα θὰ διεξαχθοῦν κατὰ τὸ πρόγραμμα τὸ ὁποῖον θὰ ἀνακοινωθῇ.

ΦΥΣΙΚΟΜΑΘΗΜΑΤΙΚΗ
Ἐκ τοῦ γραφείου τοῦ καθηγητοῦ ἀνακοινοῦται ὅτι αἱ ἐργασίαι τῶν φοιτητῶν τῆς Νομικῆς Σχολῆς δέον νὰ κατατεθοῦν μέχρι τέλους Ἀπριλίου. Τὰ πρόχειρα διαγωνίσματα θὰ διεξαχθοῦν κατὰ τὸ πρόγραμμα τὸ ὁποῖον θὰ ἀνακοινωθῇ.
Ἐκ τοῦ γραφείου τοῦ καθηγητοῦ ἀνακοινοῦται ὅτι αἱ ἐργασίαι τῶν φοιτητῶν τῆς Νομικῆς Σχολῆς δέον νὰ κατατεθοῦν μέχρι τέλους Ἀπριλίου. Τὰ πρόχειρα διαγωνίσματα θὰ διεξαχθοῦν κατὰ τὸ πρόγραμμα τὸ ὁποῖον θὰ ἀνακοινωθῇ.
